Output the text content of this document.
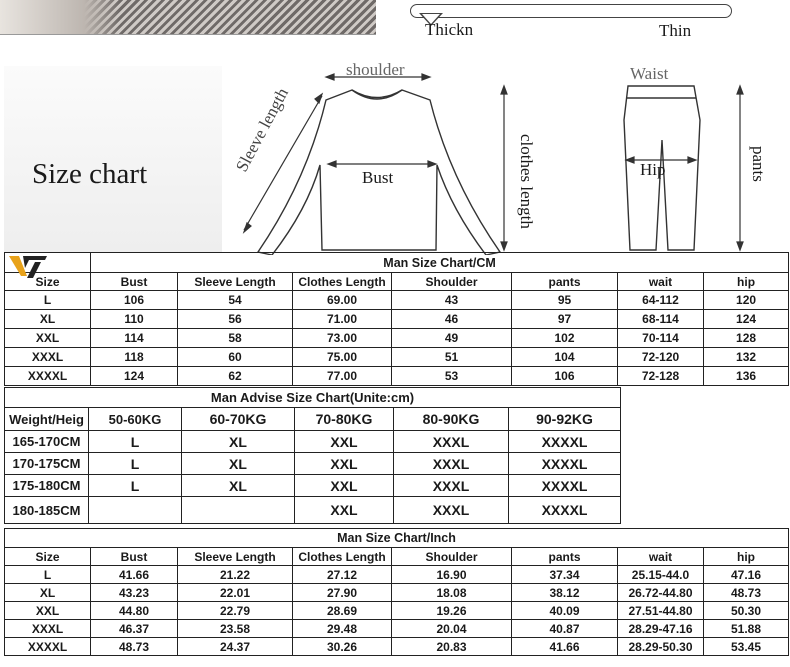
Thickn	Thin
Size chart
shoulder	Waist
Bust	Hip
Sleeve length
clothes length	pants
	Man Size Chart/CM						
Size	Bust	Sleeve Length	Clothes Length	Shoulder	pants	wait	hip
L	106	54	69.00	43	95	64-112	120
XL	110	56	71.00	46	97	68-114	124
XXL	114	58	73.00	49	102	70-114	128
XXXL	118	60	75.00	51	104	72-120	132
XXXXL	124	62	77.00	53	106	72-128	136
Man Advise Size Chart(Unite:cm)					
Weight/Heig	50-60KG	60-70KG	70-80KG	80-90KG	90-92KG
165-170CM	L	XL	XXL	XXXL	XXXXL
170-175CM	L	XL	XXL	XXXL	XXXXL
175-180CM	L	XL	XXL	XXXL	XXXXL
180-185CM			XXL	XXXL	XXXXL
Man Size Chart/Inch							
Size	Bust	Sleeve Length	Clothes Length	Shoulder	pants	wait	hip
L	41.66	21.22	27.12	16.90	37.34	25.15-44.0	47.16
XL	43.23	22.01	27.90	18.08	38.12	26.72-44.80	48.73
XXL	44.80	22.79	28.69	19.26	40.09	27.51-44.80	50.30
XXXL	46.37	23.58	29.48	20.04	40.87	28.29-47.16	51.88
XXXXL	48.73	24.37	30.26	20.83	41.66	28.29-50.30	53.45
